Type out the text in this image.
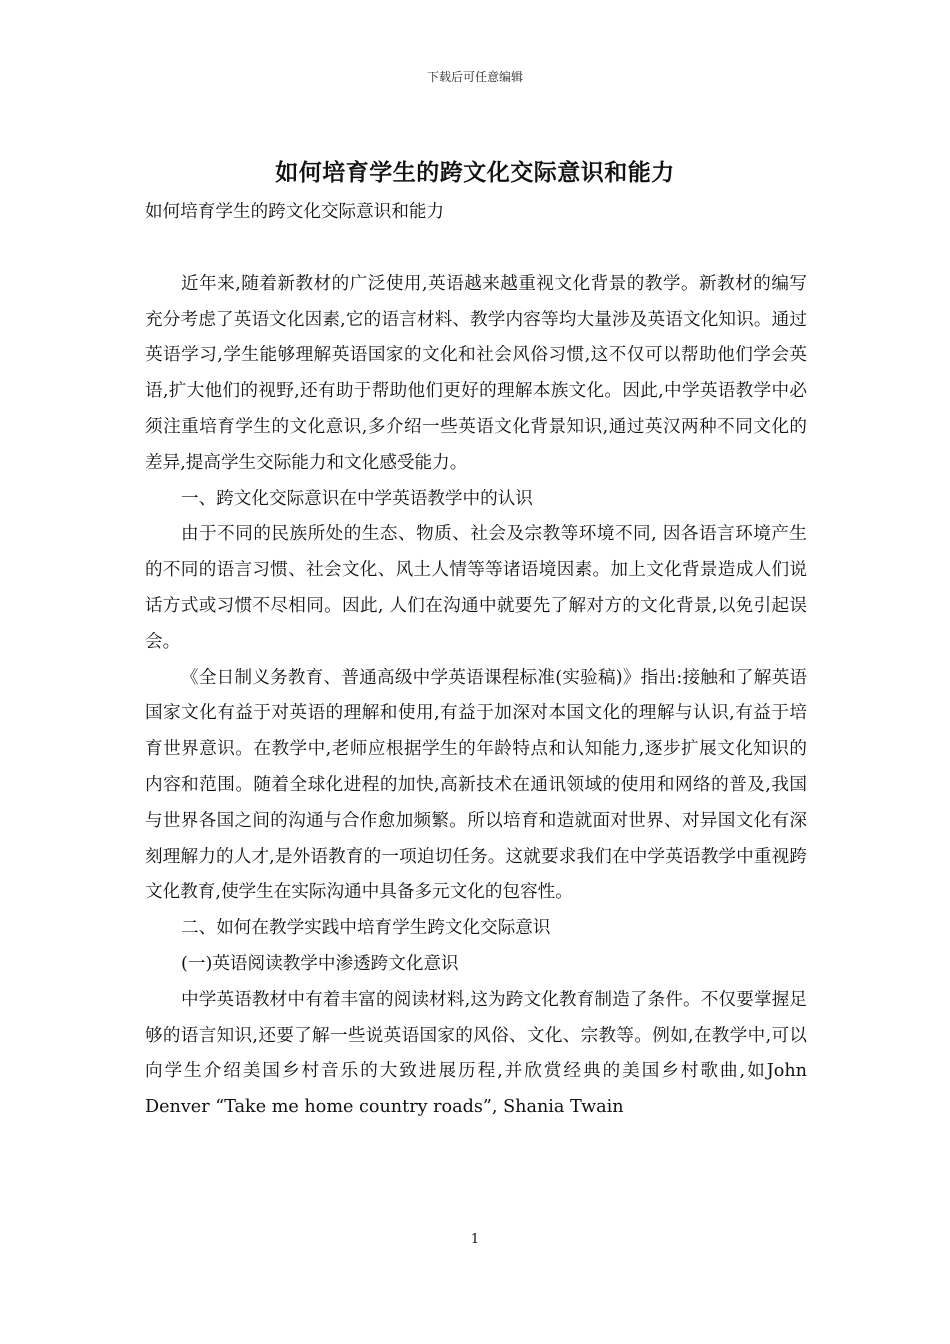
下载后可任意编辑
如何培育学生的跨文化交际意识和能力

如何培育学生的跨文化交际意识和能力

近年来,随着新教材的广泛使用,英语越来越重视文化背景的教学。新教材的编写充分考虑了英语文化因素,它的语言材料、教学内容等均大量涉及英语文化知识。通过英语学习,学生能够理解英语国家的文化和社会风俗习惯,这不仅可以帮助他们学会英语,扩大他们的视野,还有助于帮助他们更好的理解本族文化。因此,中学英语教学中必须注重培育学生的文化意识,多介绍一些英语文化背景知识,通过英汉两种不同文化的差异,提高学生交际能力和文化感受能力。

一、跨文化交际意识在中学英语教学中的认识

由于不同的民族所处的生态、物质、社会及宗教等环境不同, 因各语言环境产生的不同的语言习惯、社会文化、风土人情等等诸语境因素。加上文化背景造成人们说话方式或习惯不尽相同。因此, 人们在沟通中就要先了解对方的文化背景,以免引起误会。

《全日制义务教育、普通高级中学英语课程标准(实验稿)》指出:接触和了解英语国家文化有益于对英语的理解和使用,有益于加深对本国文化的理解与认识,有益于培育世界意识。在教学中,老师应根据学生的年龄特点和认知能力,逐步扩展文化知识的内容和范围。随着全球化进程的加快,高新技术在通讯领域的使用和网络的普及,我国与世界各国之间的沟通与合作愈加频繁。所以培育和造就面对世界、对异国文化有深刻理解力的人才,是外语教育的一项迫切任务。这就要求我们在中学英语教学中重视跨文化教育,使学生在实际沟通中具备多元文化的包容性。

二、如何在教学实践中培育学生跨文化交际意识

(一)英语阅读教学中渗透跨文化意识

中学英语教材中有着丰富的阅读材料,这为跨文化教育制造了条件。不仅要掌握足够的语言知识,还要了解一些说英语国家的风俗、文化、宗教等。例如,在教学中,可以向学生介绍美国乡村音乐的大致进展历程,并欣赏经典的美国乡村歌曲,如John Denver “Take me home country roads”, Shania Twain

1
